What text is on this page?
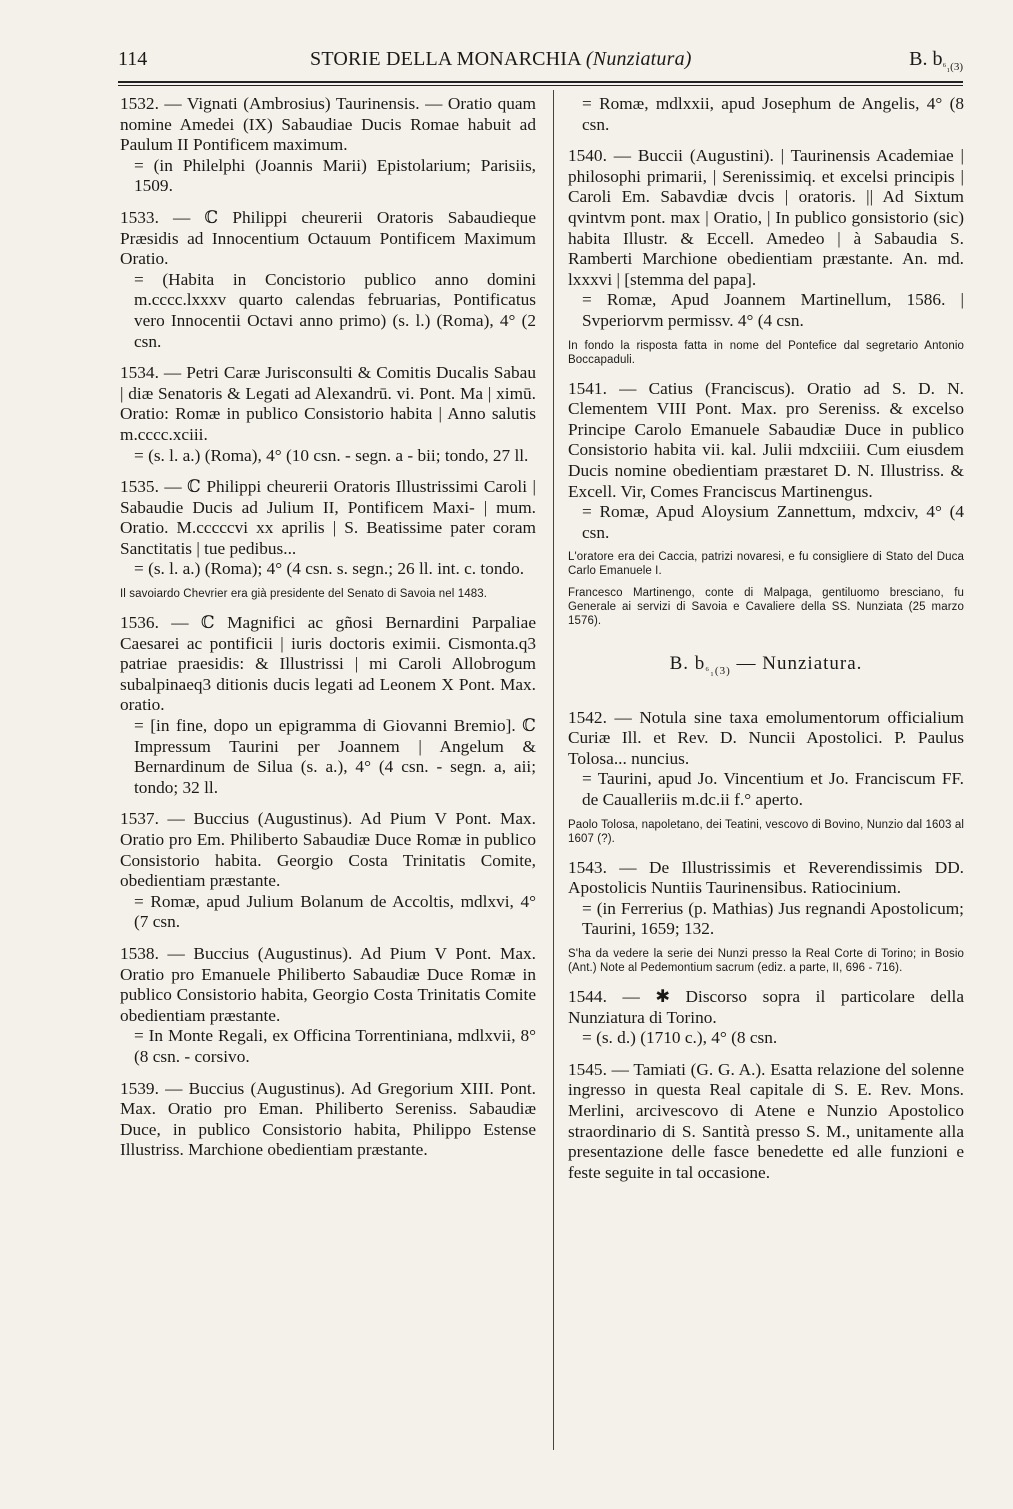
114	STORIE DELLA MONARCHIA (Nunziatura)	B. $b_{^6_1(3)}$

1532. — Vignati (Ambrosius) Taurinensis. — Oratio quam nomine Amedei (IX) Sabaudiae Ducis Romae habuit ad Paulum II Pontificem maximum.

= (in Philelphi (Joannis Marii) Epistolarium; Parisiis, 1509.

1533. — ℂ Philippi cheurerii Oratoris Sabaudieque Præsidis ad Innocentium Octauum Pontificem Maximum Oratio.

= (Habita in Concistorio publico anno domini m.cccc.lxxxv quarto calendas februarias, Pontificatus vero Innocentii Octavi anno primo) (s. l.) (Roma), 4° (2 csn.

1534. — Petri Caræ Jurisconsulti & Comitis Ducalis Sabau | diæ Senatoris & Legati ad Alexandrū. vi. Pont. Ma | ximū. Oratio: Romæ in publico Consistorio habita | Anno salutis m.cccc.xciii.

= (s. l. a.) (Roma), 4° (10 csn. - segn. a - bii; tondo, 27 ll.

1535. — ℂ Philippi cheurerii Oratoris Illustrissimi Caroli | Sabaudie Ducis ad Julium II, Pontificem Maxi- | mum. Oratio. M.cccccvi xx aprilis | S. Beatissime pater coram Sanctitatis | tue pedibus...

= (s. l. a.) (Roma); 4° (4 csn. s. segn.; 26 ll. int. c. tondo.

Il savoiardo Chevrier era già presidente del Senato di Savoia nel 1483.

1536. — ℂ Magnifici ac gñosi Bernardini Parpaliae Caesarei ac pontificii | iuris doctoris eximii. Cismonta.q3 patriae praesidis: & Illustrissi | mi Caroli Allobrogum subalpinaeq3 ditionis ducis legati ad Leonem X Pont. Max. oratio.

= [in fine, dopo un epigramma di Giovanni Bremio]. ℂ Impressum Taurini per Joannem | Angelum & Bernardinum de Silua (s. a.), 4° (4 csn. - segn. a, aii; tondo; 32 ll.

1537. — Buccius (Augustinus). Ad Pium V Pont. Max. Oratio pro Em. Philiberto Sabaudiæ Duce Romæ in publico Consistorio habita. Georgio Costa Trinitatis Comite, obedientiam præstante.

= Romæ, apud Julium Bolanum de Accoltis, mdlxvi, 4° (7 csn.

1538. — Buccius (Augustinus). Ad Pium V Pont. Max. Oratio pro Emanuele Philiberto Sabaudiæ Duce Romæ in publico Consistorio habita, Georgio Costa Trinitatis Comite obedientiam præstante.

= In Monte Regali, ex Officina Torrentiniana, mdlxvii, 8° (8 csn. - corsivo.

1539. — Buccius (Augustinus). Ad Gregorium XIII. Pont. Max. Oratio pro Eman. Philiberto Sereniss. Sabaudiæ Duce, in publico Consistorio habita, Philippo Estense Illustriss. Marchione obedientiam præstante.

= Romæ, mdlxxii, apud Josephum de Angelis, 4° (8 csn.

1540. — Buccii (Augustini). | Taurinensis Academiae | philosophi primarii, | Serenissimiq. et excelsi principis | Caroli Em. Sabavdiæ dvcis | oratoris. || Ad Sixtum qvintvm pont. max | Oratio, | In publico gonsistorio (sic) habita Illustr. & Eccell. Amedeo | à Sabaudia S. Ramberti Marchione obedientiam præstante. An. md. lxxxvi | [stemma del papa].

= Romæ, Apud Joannem Martinellum, 1586. | Svperiorvm permissv. 4° (4 csn.

In fondo la risposta fatta in nome del Pontefice dal segretario Antonio Boccapaduli.

1541. — Catius (Franciscus). Oratio ad S. D. N. Clementem VIII Pont. Max. pro Sereniss. & excelso Principe Carolo Emanuele Sabaudiæ Duce in publico Consistorio habita vii. kal. Julii mdxciiii. Cum eiusdem Ducis nomine obedientiam præstaret D. N. Illustriss. & Excell. Vir, Comes Franciscus Martinengus.

= Romæ, Apud Aloysium Zannettum, mdxciv, 4° (4 csn.

L'oratore era dei Caccia, patrizi novaresi, e fu consigliere di Stato del Duca Carlo Emanuele I.

Francesco Martinengo, conte di Malpaga, gentiluomo bresciano, fu Generale ai servizi di Savoia e Cavaliere della SS. Nunziata (25 marzo 1576).

B. $b_{^6_1(3)}$ — Nunziatura.

1542. — Notula sine taxa emolumentorum officialium Curiæ Ill. et Rev. D. Nuncii Apostolici. P. Paulus Tolosa... nuncius.

= Taurini, apud Jo. Vincentium et Jo. Franciscum FF. de Caualleriis m.dc.ii f.° aperto.

Paolo Tolosa, napoletano, dei Teatini, vescovo di Bovino, Nunzio dal 1603 al 1607 (?).

1543. — De Illustrissimis et Reverendissimis DD. Apostolicis Nuntiis Taurinensibus. Ratiocinium.

= (in Ferrerius (p. Mathias) Jus regnandi Apostolicum; Taurini, 1659; 132.

S'ha da vedere la serie dei Nunzi presso la Real Corte di Torino; in Bosio (Ant.) Note al Pedemontium sacrum (ediz. a parte, II, 696 - 716).

1544. — ✱ Discorso sopra il particolare della Nunziatura di Torino.

= (s. d.) (1710 c.), 4° (8 csn.

1545. — Tamiati (G. G. A.). Esatta relazione del solenne ingresso in questa Real capitale di S. E. Rev. Mons. Merlini, arcivescovo di Atene e Nunzio Apostolico straordinario di S. Santità presso S. M., unitamente alla presentazione delle fasce benedette ed alle funzioni e feste seguite in tal occasione.
